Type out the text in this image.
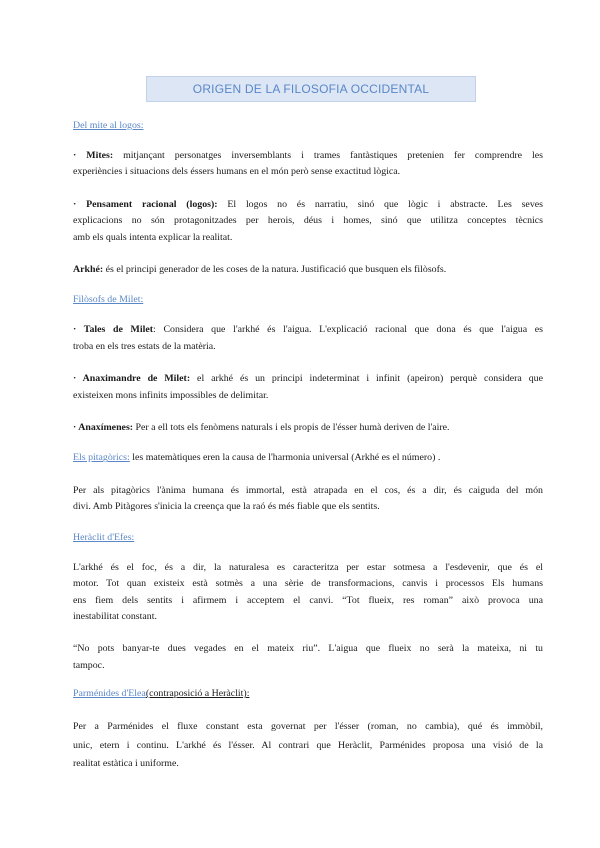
ORIGEN DE LA FILOSOFIA OCCIDENTAL

Del mite al logos:

· Mites: mitjançant personatges inversemblants i trames fantàstiques pretenien fer comprendre les
experiències i situacions dels éssers humans en el món però sense exactitud lògica.
· Pensament racional (logos): El logos no és narratiu, sinó que lògic i abstracte. Les seves
explicacions no són protagonitzades per herois, déus i homes, sinó que utilitza conceptes tècnics
amb els quals intenta explicar la realitat.
Arkhé: és el principi generador de les coses de la natura. Justificació que busquen els filòsofs.

Filòsofs de Milet:

· Tales de Milet: Considera que l'arkhé és l'aigua. L'explicació racional que dona és que l'aigua es
troba en els tres estats de la matèria.
· Anaximandre de Milet: el arkhé és un principi indeterminat i infinit (apeiron) perquè considera que
existeixen mons infinits impossibles de delimitar.
· Anaxímenes: Per a ell tots els fenòmens naturals i els propis de l'ésser humà deriven de l'aire.
Els pitagòrics: les matemàtiques eren la causa de l'harmonia universal (Arkhé es el número) .
Per als pitagòrics l'ànima humana és immortal, està atrapada en el cos, és a dir, és caiguda del món
divi. Amb Pitàgores s'inicia la creença que la raó és més fiable que els sentits.

Heràclit d'Efes:

L'arkhé és el foc, és a dir, la naturalesa es caracteritza per estar sotmesa a l'esdevenir, que és el
motor. Tot quan existeix està sotmès a una sèrie de transformacions, canvis i processos Els humans
ens fiem dels sentits i afirmem i acceptem el canvi. “Tot flueix, res roman” això provoca una
inestabilitat constant.
“No pots banyar-te dues vegades en el mateix riu”. L'aigua que flueix no serà la mateixa, ni tu
tampoc.

Parménides d'Elea(contraposició a Heràclit):

Per a Parménides el fluxe constant esta governat per l'ésser (roman, no cambia), qué és immòbil,
unic, etern i continu. L'arkhé és l'ésser. Al contrari que Heràclit, Parménides proposa una visió de la
realitat estàtica i uniforme.
